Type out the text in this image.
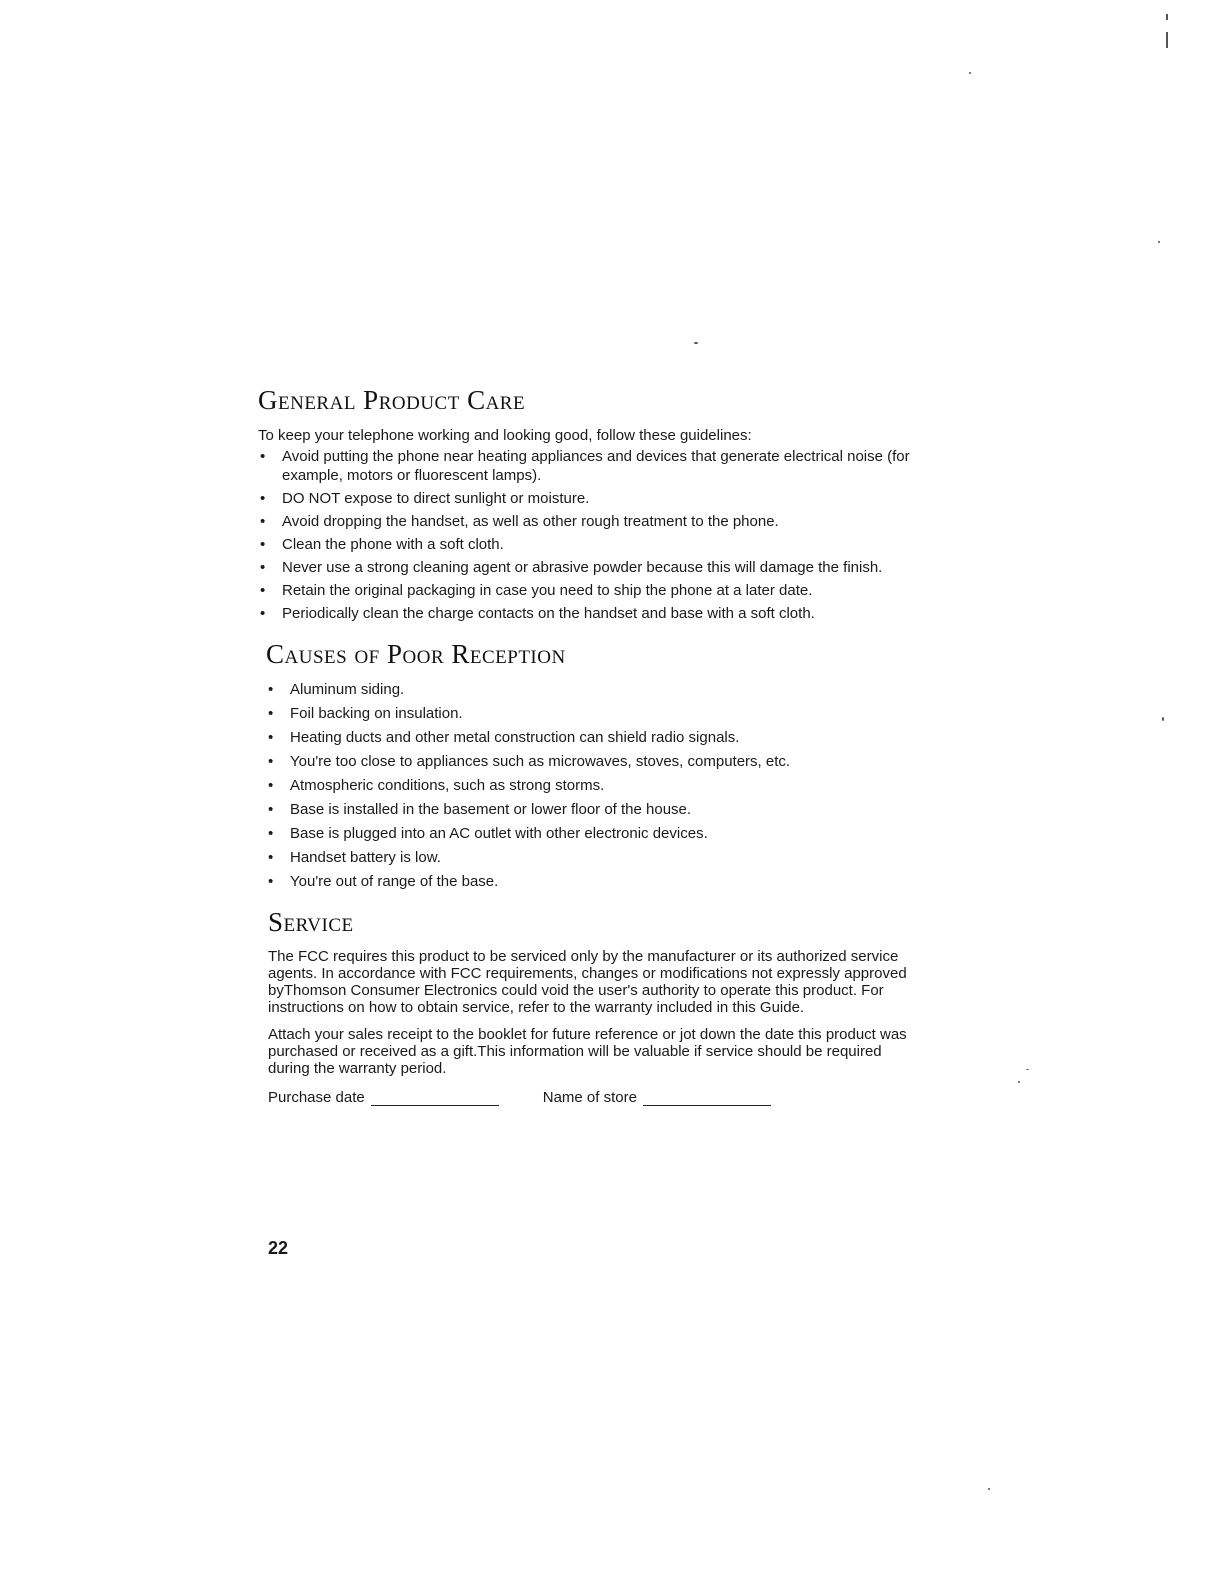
General Product Care

To keep your telephone working and looking good, follow these guidelines:

• Avoid putting the phone near heating appliances and devices that generate electrical noise (for example, motors or fluorescent lamps).
• DO NOT expose to direct sunlight or moisture.
• Avoid dropping the handset, as well as other rough treatment to the phone.
• Clean the phone with a soft cloth.
• Never use a strong cleaning agent or abrasive powder because this will damage the finish.
• Retain the original packaging in case you need to ship the phone at a later date.
• Periodically clean the charge contacts on the handset and base with a soft cloth.
Causes of Poor Reception
• Aluminum siding.
• Foil backing on insulation.
• Heating ducts and other metal construction can shield radio signals.
• You're too close to appliances such as microwaves, stoves, computers, etc.
• Atmospheric conditions, such as strong storms.
• Base is installed in the basement or lower floor of the house.
• Base is plugged into an AC outlet with other electronic devices.
• Handset battery is low.
• You're out of range of the base.
Service

The FCC requires this product to be serviced only by the manufacturer or its authorized service agents. In accordance with FCC requirements, changes or modifications not expressly approved byThomson Consumer Electronics could void the user's authority to operate this product. For instructions on how to obtain service, refer to the warranty included in this Guide.

Attach your sales receipt to the booklet for future reference or jot down the date this product was purchased or received as a gift.This information will be valuable if service should be required during the warranty period.

Purchase date	Name of store
22
